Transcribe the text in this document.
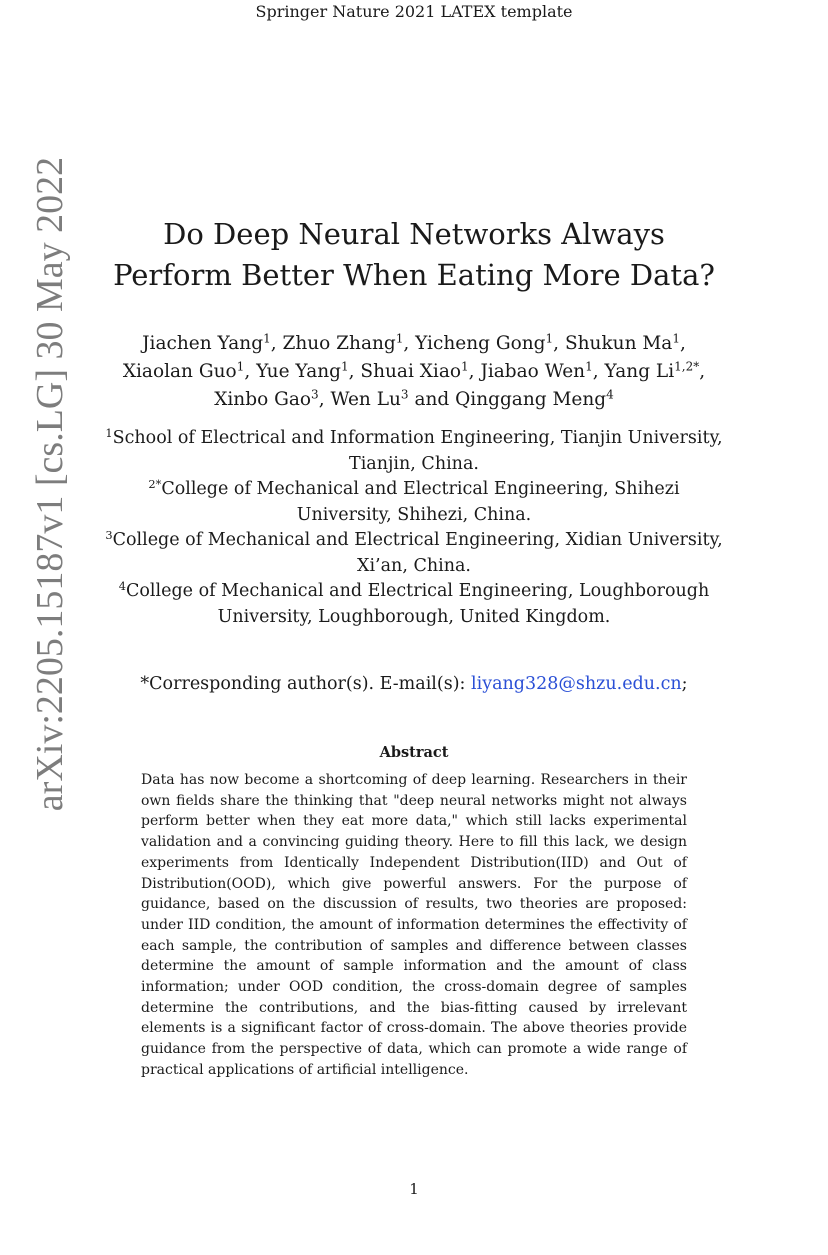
Springer Nature 2021 LATEX template
arXiv:2205.15187v1 [cs.LG] 30 May 2022	Do Deep Neural Networks Always Perform Better When Eating More Data?
Jiachen Yang$^1$, Zhuo Zhang$^1$, Yicheng Gong$^1$, Shukun Ma$^1$, Xiaolan Guo$^1$, Yue Yang$^1$, Shuai Xiao$^1$, Jiabao Wen$^1$, Yang $Li^{1,2*}$, Xinbo Gao$^3$, Wen Lu$^3$ and Qinggang Meng$^4$
$^1$School of Electrical and Information Engineering, Tianjin University, Tianjin, China.
$^{2*}$College of Mechanical and Electrical Engineering, Shihezi University, Shihezi, China.
$^3$College of Mechanical and Electrical Engineering, Xidian University, Xi’an, China.
$^4$College of Mechanical and Electrical Engineering, Loughborough University, Loughborough, United Kingdom.
*Corresponding author(s). E-mail(s): liyang328@shzu.edu.cn;
Abstract

Data has now become a shortcoming of deep learning. Researchers in their own fields share the thinking that "deep neural networks might not always perform better when they eat more data," which still lacks experimental validation and a convincing guiding theory. Here to fill this lack, we design experiments from Identically Independent Distribution(IID) and Out of Distribution(OOD), which give powerful answers. For the purpose of guidance, based on the discussion of results, two theories are proposed: under IID condition, the amount of information determines the effectivity of each sample, the contribution of samples and difference between classes determine the amount of sample information and the amount of class information; under OOD condition, the cross-domain degree of samples determine the contributions, and the bias-fitting caused by irrelevant elements is a significant factor of cross-domain. The above theories provide guidance from the perspective of data, which can promote a wide range of practical applications of artificial intelligence.

1
